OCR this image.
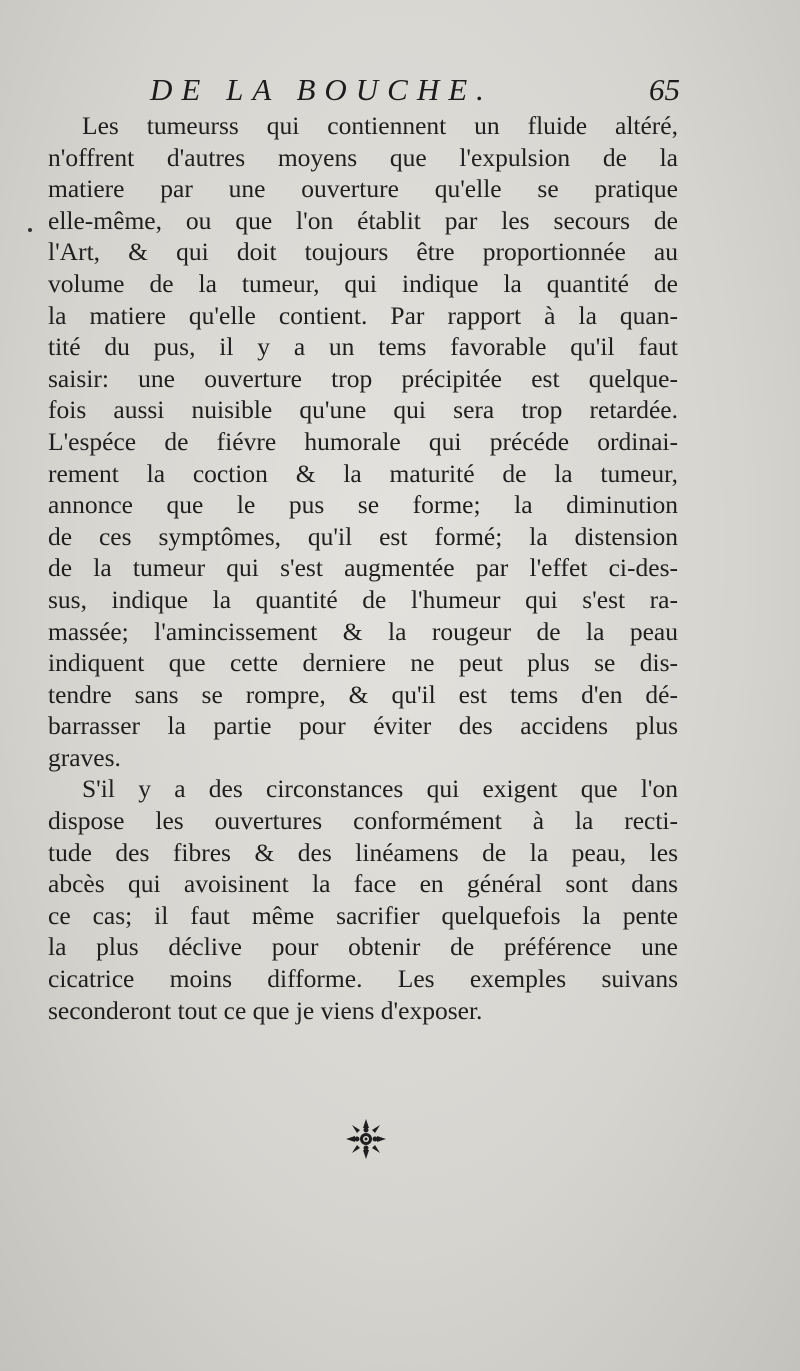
DE LA BOUCHE.	65
Les tumeurss qui contiennent un fluide altéré,
n'offrent d'autres moyens que l'expulsion de la
matiere par une ouverture qu'elle se pratique
elle-même, ou que l'on établit par les secours de
l'Art, & qui doit toujours être proportionnée au
volume de la tumeur, qui indique la quantité de
la matiere qu'elle contient. Par rapport à la quan-
tité du pus, il y a un tems favorable qu'il faut
saisir: une ouverture trop précipitée est quelque-
fois aussi nuisible qu'une qui sera trop retardée.
L'espéce de fiévre humorale qui précéde ordinai-
rement la coction & la maturité de la tumeur,
annonce que le pus se forme; la diminution
de ces symptômes, qu'il est formé; la distension
de la tumeur qui s'est augmentée par l'effet ci-des-
sus, indique la quantité de l'humeur qui s'est ra-
massée; l'amincissement & la rougeur de la peau
indiquent que cette derniere ne peut plus se dis-
tendre sans se rompre, & qu'il est tems d'en dé-
barrasser la partie pour éviter des accidens plus
graves.
S'il y a des circonstances qui exigent que l'on
dispose les ouvertures conformément à la recti-
tude des fibres & des linéamens de la peau, les
abcès qui avoisinent la face en général sont dans
ce cas; il faut même sacrifier quelquefois la pente
la plus déclive pour obtenir de préférence une
cicatrice moins difforme. Les exemples suivans
seconderont tout ce que je viens d'exposer.
